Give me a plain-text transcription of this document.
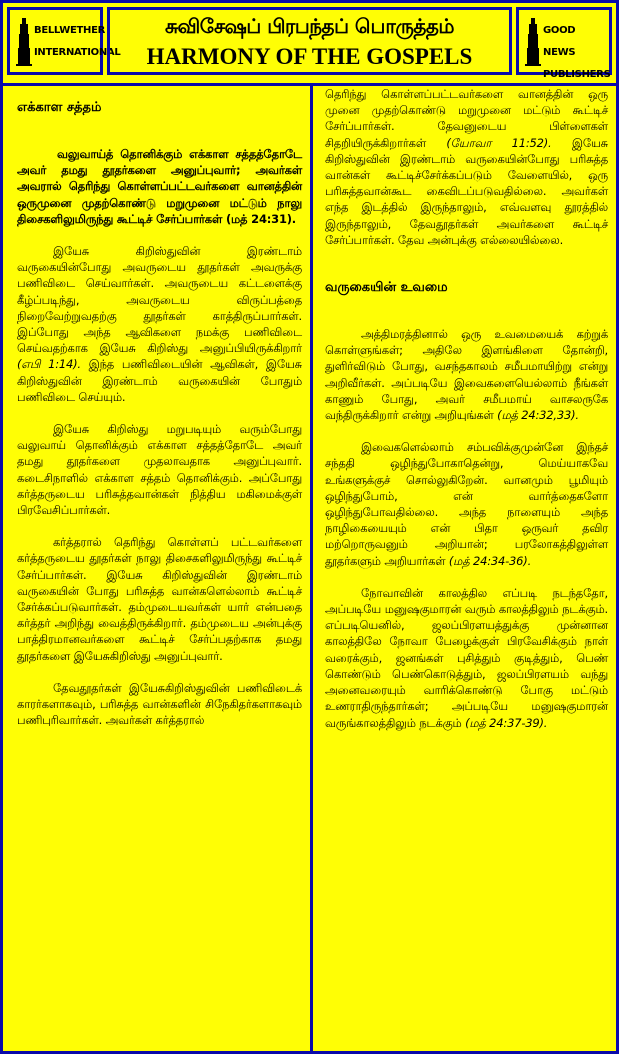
BELLWETHER
INTERNATIONAL
சுவிசேஷப் பிரபந்தப் பொருத்தம்
HARMONY OF THE GOSPELS
GOOD NEWS
PUBLISHERS
எக்காள சத்தம்

வலுவாய்த் தொனிக்கும் எக்காள சத்தத்தோடே அவர் தமது தூதர்களை அனுப்புவார்; அவர்கள் அவரால் தெரிந்து கொள்ளப்பட்டவர்களை வானத்தின் ஒருமுனை முதற்கொண்டு மறுமுனை மட்டும் நாலு திசைகளிலுமிருந்து கூட்டிச் சேர்ப்பார்கள் (மத் 24:31).

இயேசு கிறிஸ்துவின் இரண்டாம் வருகையின்போது அவருடைய தூதர்கள் அவருக்கு பணிவிடை செய்வார்கள். அவருடைய கட்டளைக்கு கீழ்ப்படிந்து, அவருடைய விருப்பத்தை நிறைவேற்றுவதற்கு தூதர்கள் காத்திருப்பார்கள். இப்போது அந்த ஆவிகளை நமக்கு பணிவிடை செய்வதற்காக இயேசு கிறிஸ்து அனுப்பியிருக்கிறார் (எபி 1:14). இந்த பணிவிடையின் ஆவிகள், இயேசு கிறிஸ்துவின் இரண்டாம் வருகையின் போதும் பணிவிடை செய்யும்.

இயேசு கிறிஸ்து மறுபடியும் வரும்போது வலுவாய் தொனிக்கும் எக்காள சத்தத்தோடே அவர் தமது தூதர்களை முதலாவதாக அனுப்புவார். கடைசிநாளில் எக்காள சத்தம் தொனிக்கும். அப்போது கர்த்தருடைய பரிசுத்தவான்கள் நித்திய மகிமைக்குள் பிரவேசிப்பார்கள்.

கர்த்தரால் தெரிந்து கொள்ளப் பட்டவர்களை கர்த்தருடைய தூதர்கள் நாலு திசைகளிலுமிருந்து கூட்டிச் சேர்ப்பார்கள். இயேசு கிறிஸ்துவின் இரண்டாம் வருகையின் போது பரிசுத்த வான்களெல்லாம் கூட்டிச் சேர்க்கப்படுவார்கள். தம்முடையவர்கள் யார் என்பதை கர்த்தர் அறிந்து வைத்திருக்கிறார். தம்முடைய அன்புக்கு பாத்திரமானவர்களை கூட்டிச் சேர்ப்பதற்காக தமது தூதர்களை இயேசுகிறிஸ்து அனுப்புவார்.

தேவதூதர்கள் இயேசுகிறிஸ்துவின் பணிவிடைக் காரர்களாகவும், பரிசுத்த வான்களின் சிநேகிதர்களாகவும் பணிபுரிவார்கள். அவர்கள் கர்த்தரால்

தெரிந்து கொள்ளப்பட்டவர்களை வானத்தின் ஒரு முனை முதற்கொண்டு மறுமுனை மட்டும் கூட்டிச் சேர்ப்பார்கள். தேவனுடைய பிள்ளைகள் சிதறியிருக்கிறார்கள் (யோவா 11:52). இயேசு கிறிஸ்துவின் இரண்டாம் வருகையின்போது பரிசுத்த வான்கள் கூட்டிச்சேர்க்கப்படும் வேளையில், ஒரு பரிசுத்தவான்கூட கைவிடப்படுவதில்லை. அவர்கள் எந்த இடத்தில் இருந்தாலும், எவ்வளவு தூரத்தில் இருந்தாலும், தேவதூதர்கள் அவர்களை கூட்டிச் சேர்ப்பார்கள். தேவ அன்புக்கு எல்லையில்லை.

வருகையின் உவமை

அத்திமரத்தினால் ஒரு உவமையைக் கற்றுக் கொள்ளுங்கள்; அதிலே இளங்கிளை தோன்றி, துளிர்விடும் போது, வசந்தகாலம் சமீபமாயிற்று என்று அறிவீர்கள். அப்படியே இவைகளையெல்லாம் நீங்கள் காணும் போது, அவர் சமீபமாய் வாசலருகே வந்திருக்கிறார் என்று அறியுங்கள் (மத் 24:32,33).

இவைகளெல்லாம் சம்பவிக்குமுன்னே இந்தச் சந்ததி ஒழிந்துபோகாதென்று, மெய்யாகவே உங்களுக்குச் சொல்லுகிறேன். வானமும் பூமியும் ஒழிந்துபோம், என் வார்த்தைகளோ ஒழிந்துபோவதில்லை. அந்த நாளையும் அந்த நாழிகையையும் என் பிதா ஒருவர் தவிர மற்றொருவனும் அறியான்; பரலோகத்திலுள்ள தூதர்களும் அறியார்கள் (மத் 24:34-36).

நோவாவின் காலத்தில எப்படி நடந்ததோ, அப்படியே மனுஷகுமாரன் வரும் காலத்திலும் நடக்கும். எப்படியெனில், ஜலப்பிரளயத்துக்கு முன்னான காலத்திலே நோவா பேழைக்குள் பிரவேசிக்கும் நாள் வரைக்கும், ஜனங்கள் புசித்தும் குடித்தும், பெண் கொண்டும் பெண்கொடுத்தும், ஜலப்பிரளயம் வந்து அனைவரையும் வாரிக்கொண்டு போகு மட்டும் உணராதிருந்தார்கள்; அப்படியே மனுஷகுமாரன் வருங்காலத்திலும் நடக்கும் (மத் 24:37-39).
